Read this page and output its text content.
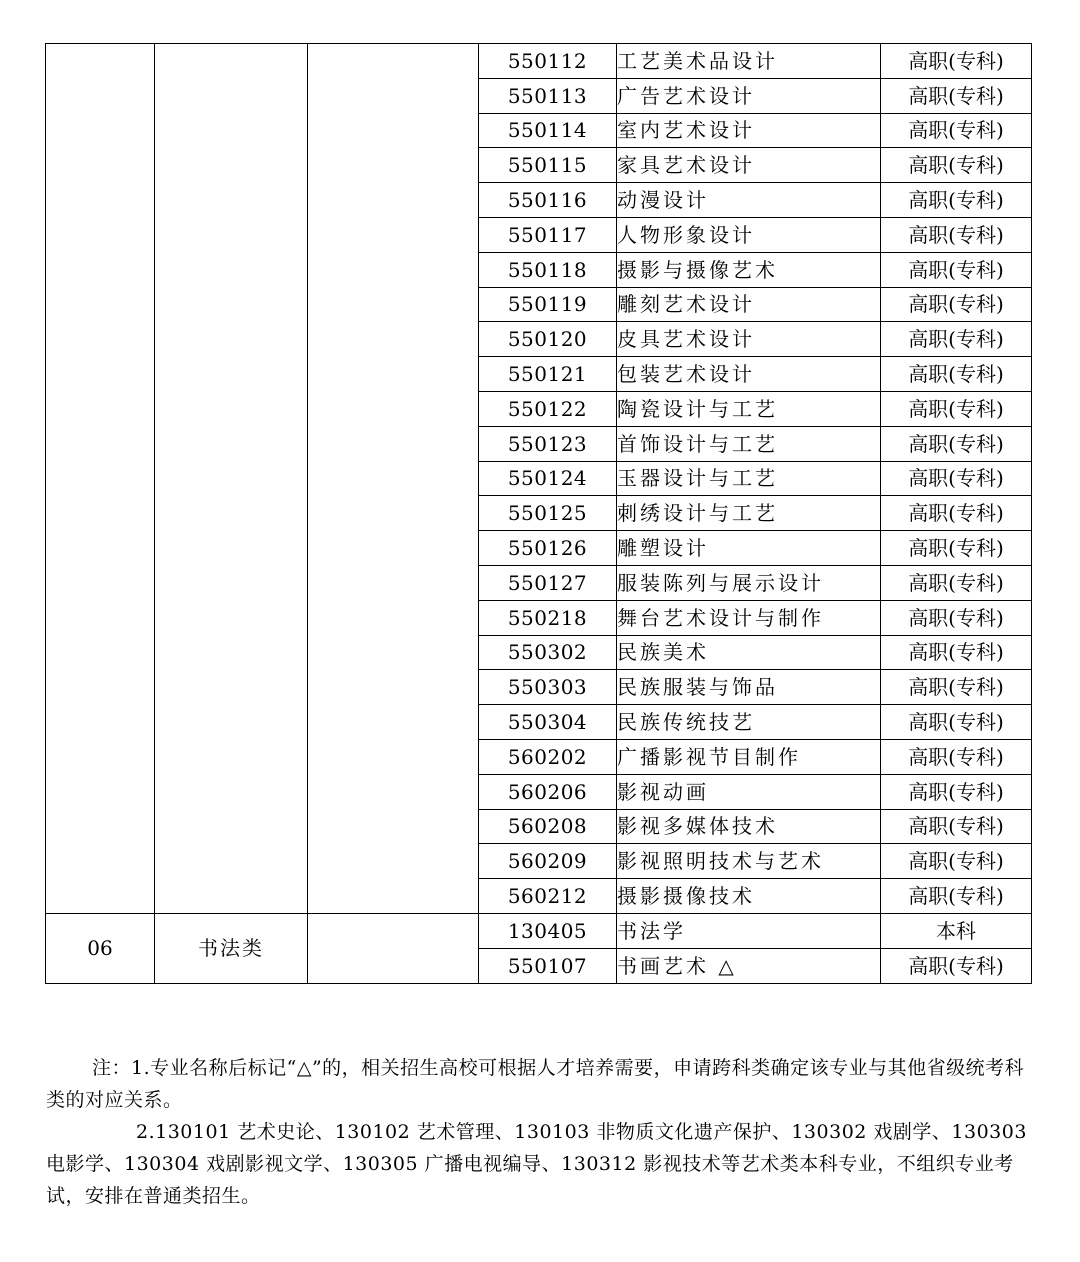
			550112	工艺美术品设计	高职(专科)
			550113	广告艺术设计	高职(专科)
			550114	室内艺术设计	高职(专科)
			550115	家具艺术设计	高职(专科)
			550116	动漫设计	高职(专科)
			550117	人物形象设计	高职(专科)
			550118	摄影与摄像艺术	高职(专科)
			550119	雕刻艺术设计	高职(专科)
			550120	皮具艺术设计	高职(专科)
			550121	包装艺术设计	高职(专科)
			550122	陶瓷设计与工艺	高职(专科)
			550123	首饰设计与工艺	高职(专科)
			550124	玉器设计与工艺	高职(专科)
			550125	刺绣设计与工艺	高职(专科)
			550126	雕塑设计	高职(专科)
			550127	服装陈列与展示设计	高职(专科)
			550218	舞台艺术设计与制作	高职(专科)
			550302	民族美术	高职(专科)
			550303	民族服装与饰品	高职(专科)
			550304	民族传统技艺	高职(专科)
			560202	广播影视节目制作	高职(专科)
			560206	影视动画	高职(专科)
			560208	影视多媒体技术	高职(专科)
			560209	影视照明技术与艺术	高职(专科)
			560212	摄影摄像技术	高职(专科)
06	书法类		130405	书法学	本科
			550107	书画艺术 △	高职(专科)

注：1.专业名称后标记“△”的，相关招生高校可根据人才培养需要，申请跨科类确定该专业与其他省级统考科类的对应关系。

2.130101 艺术史论、130102 艺术管理、130103 非物质文化遗产保护、130302 戏剧学、130303 电影学、130304 戏剧影视文学、130305 广播电视编导、130312 影视技术等艺术类本科专业，不组织专业考试，安排在普通类招生。
